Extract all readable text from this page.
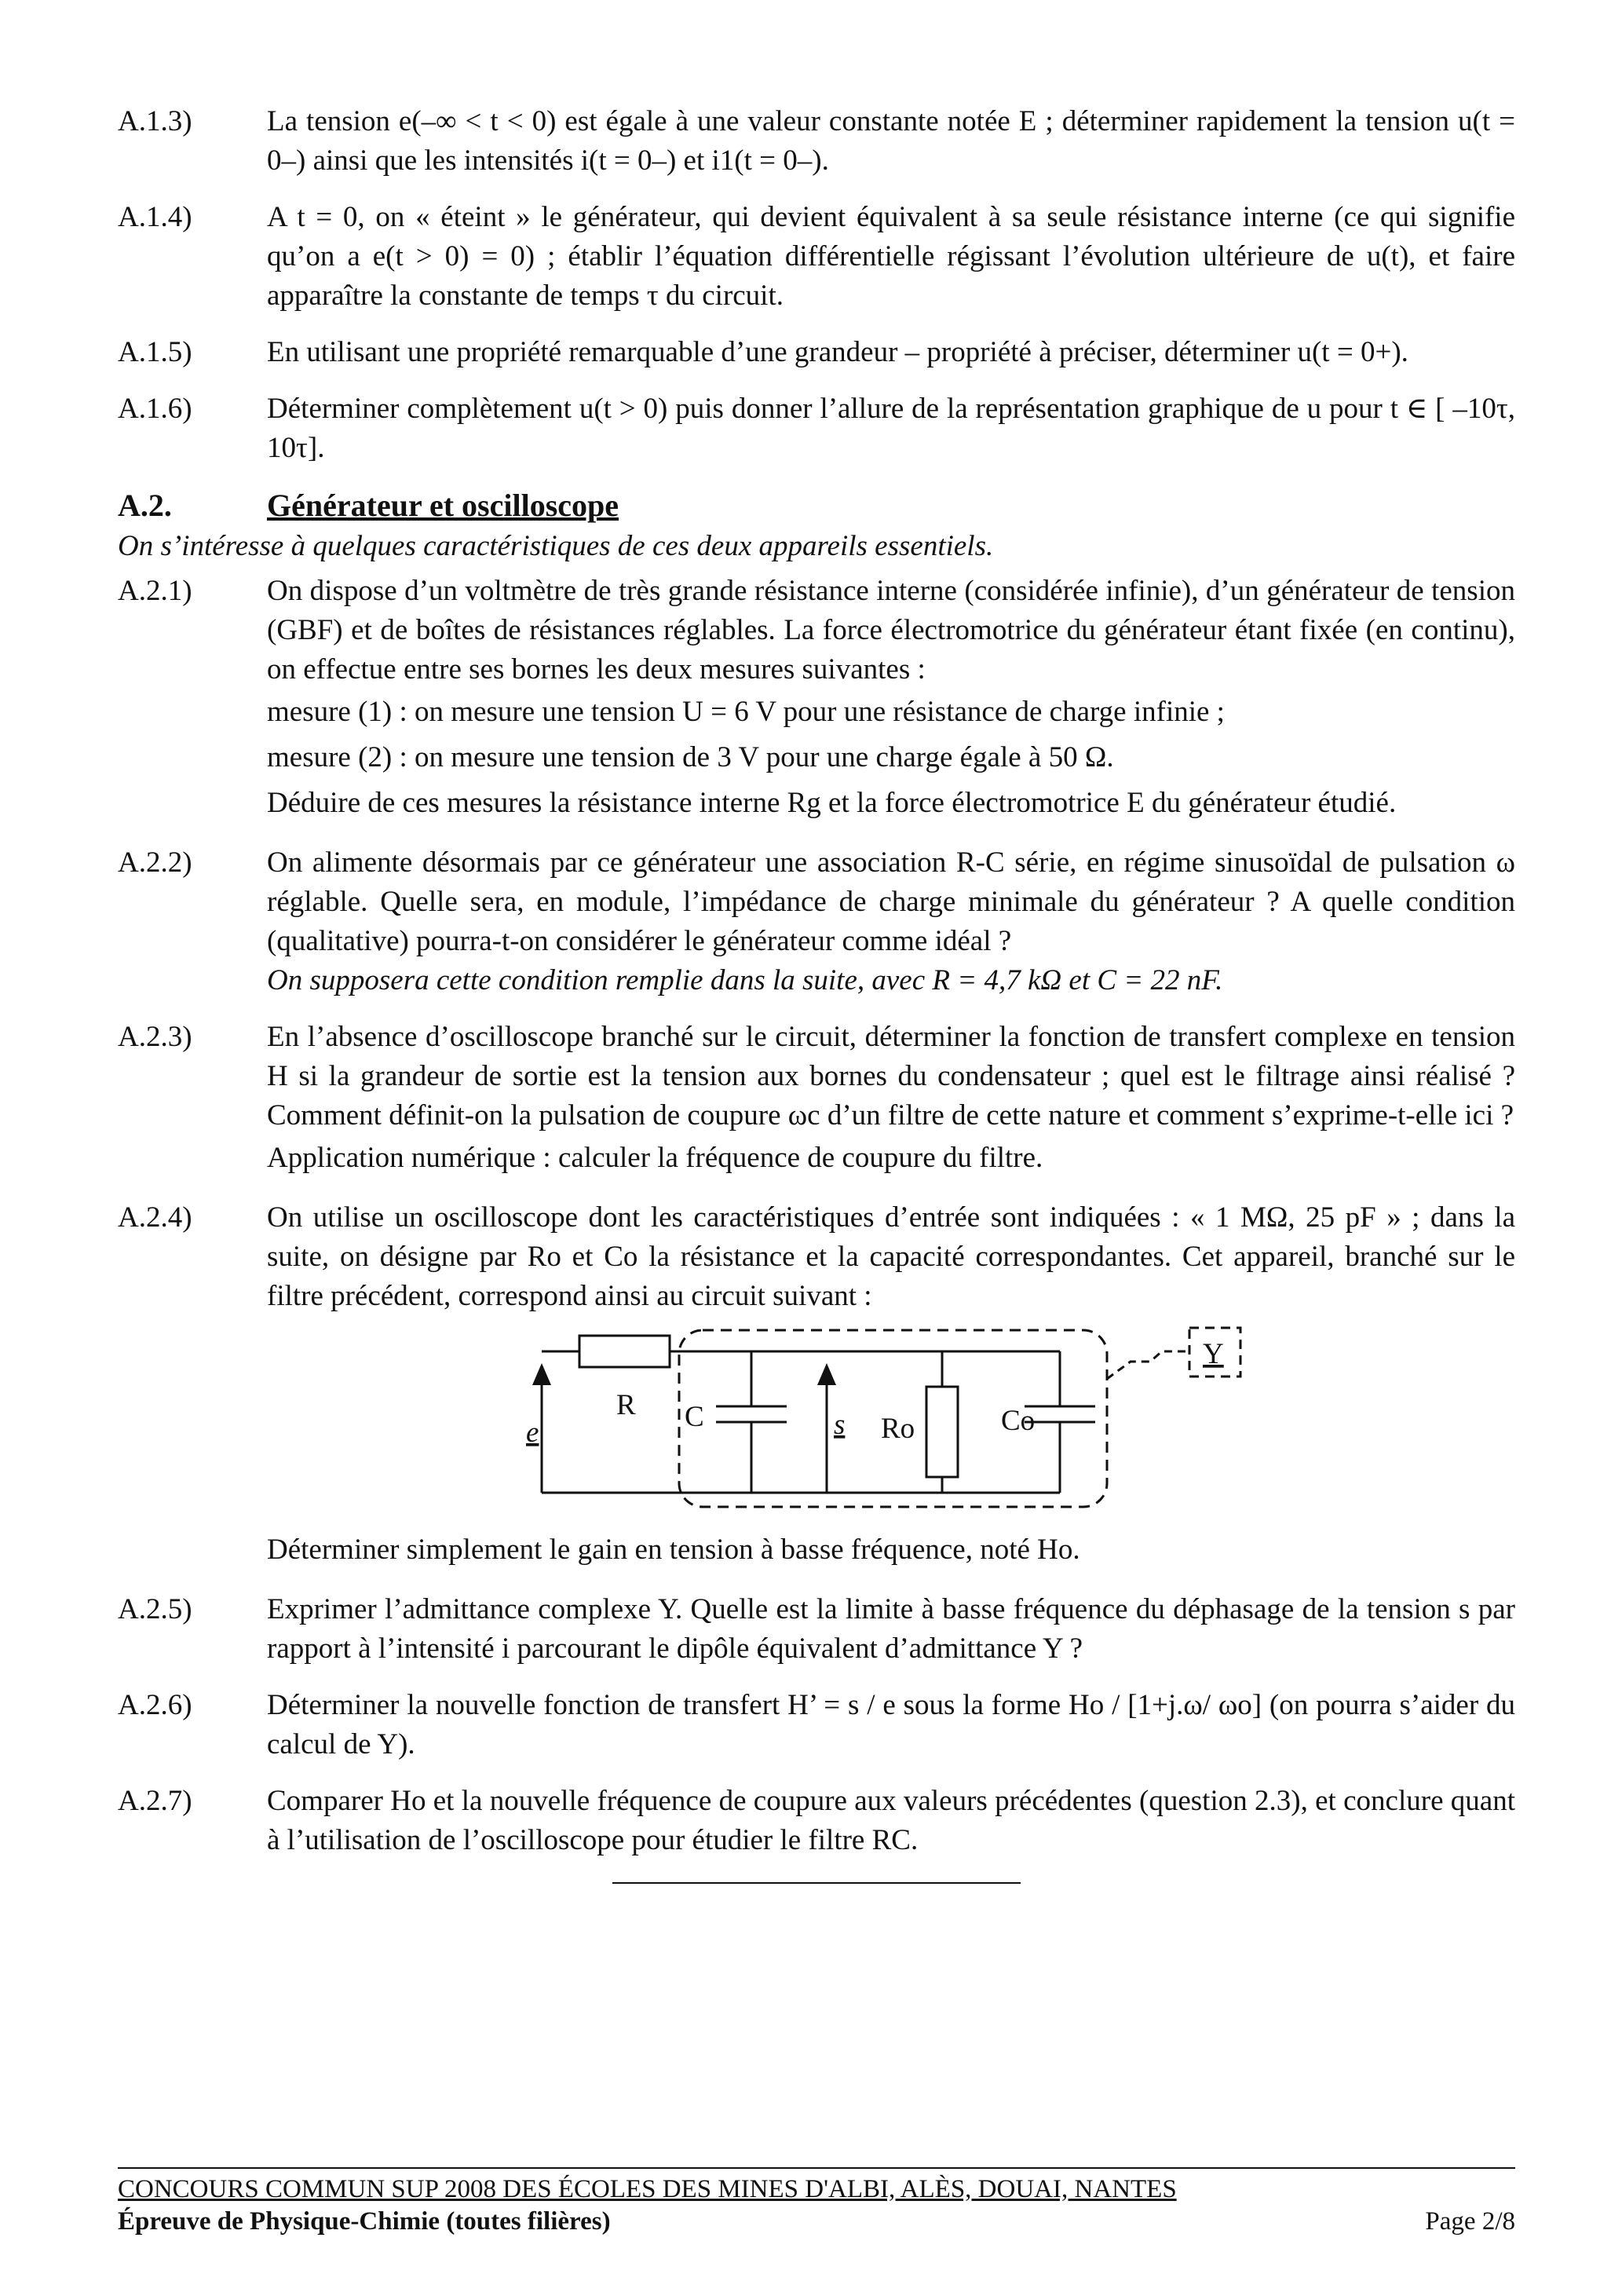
A.1.3)	La tension e(–∞ < t < 0) est égale à une valeur constante notée E ; déterminer rapidement la tension u(t = 0–) ainsi que les intensités i(t = 0–) et i1(t = 0–).
A.1.4)	A t = 0, on « éteint » le générateur, qui devient équivalent à sa seule résistance interne (ce qui signifie qu’on a e(t > 0) = 0) ; établir l’équation différentielle régissant l’évolution ultérieure de u(t), et faire apparaître la constante de temps τ du circuit.
A.1.5)	En utilisant une propriété remarquable d’une grandeur – propriété à préciser, déterminer u(t = 0+).
A.1.6)	Déterminer complètement u(t > 0) puis donner l’allure de la représentation graphique de u pour t ∈ [ –10τ, 10τ].
A.2.	Générateur et oscilloscope
On s’intéresse à quelques caractéristiques de ces deux appareils essentiels.
A.2.1)	On dispose d’un voltmètre de très grande résistance interne (considérée infinie), d’un générateur de tension (GBF) et de boîtes de résistances réglables. La force électromotrice du générateur étant fixée (en continu), on effectue entre ses bornes les deux mesures suivantes :
mesure (1) : on mesure une tension U = 6 V pour une résistance de charge infinie ;
mesure (2) : on mesure une tension de 3 V pour une charge égale à 50 Ω.
Déduire de ces mesures la résistance interne Rg et la force électromotrice E du générateur étudié.
A.2.2)	On alimente désormais par ce générateur une association R-C série, en régime sinusoïdal de pulsation ω réglable. Quelle sera, en module, l’impédance de charge minimale du générateur ? A quelle condition (qualitative) pourra-t-on considérer le générateur comme idéal ?
On supposera cette condition remplie dans la suite, avec R = 4,7 kΩ et C = 22 nF.
A.2.3)	En l’absence d’oscilloscope branché sur le circuit, déterminer la fonction de transfert complexe en tension H si la grandeur de sortie est la tension aux bornes du condensateur ; quel est le filtrage ainsi réalisé ? Comment définit-on la pulsation de coupure ωc d’un filtre de cette nature et comment s’exprime-t-elle ici ?
Application numérique : calculer la fréquence de coupure du filtre.
A.2.4)	On utilise un oscilloscope dont les caractéristiques d’entrée sont indiquées : « 1 MΩ, 25 pF » ; dans la suite, on désigne par Ro et Co la résistance et la capacité correspondantes. Cet appareil, branché sur le filtre précédent, correspond ainsi au circuit suivant :
e
R C	s Ro	Co
Y
Déterminer simplement le gain en tension à basse fréquence, noté Ho.
A.2.5)	Exprimer l’admittance complexe Y. Quelle est la limite à basse fréquence du déphasage de la tension s par rapport à l’intensité i parcourant le dipôle équivalent d’admittance Y ?
A.2.6)	Déterminer la nouvelle fonction de transfert H’ = s / e sous la forme Ho / [1+j.ω/ ωo] (on pourra s’aider du calcul de Y).
A.2.7)	Comparer Ho et la nouvelle fréquence de coupure aux valeurs précédentes (question 2.3), et conclure quant à l’utilisation de l’oscilloscope pour étudier le filtre RC.
CONCOURS COMMUN SUP 2008 DES ÉCOLES DES MINES D'ALBI, ALÈS, DOUAI, NANTES
Épreuve de Physique-Chimie (toutes filières)	Page 2/8
